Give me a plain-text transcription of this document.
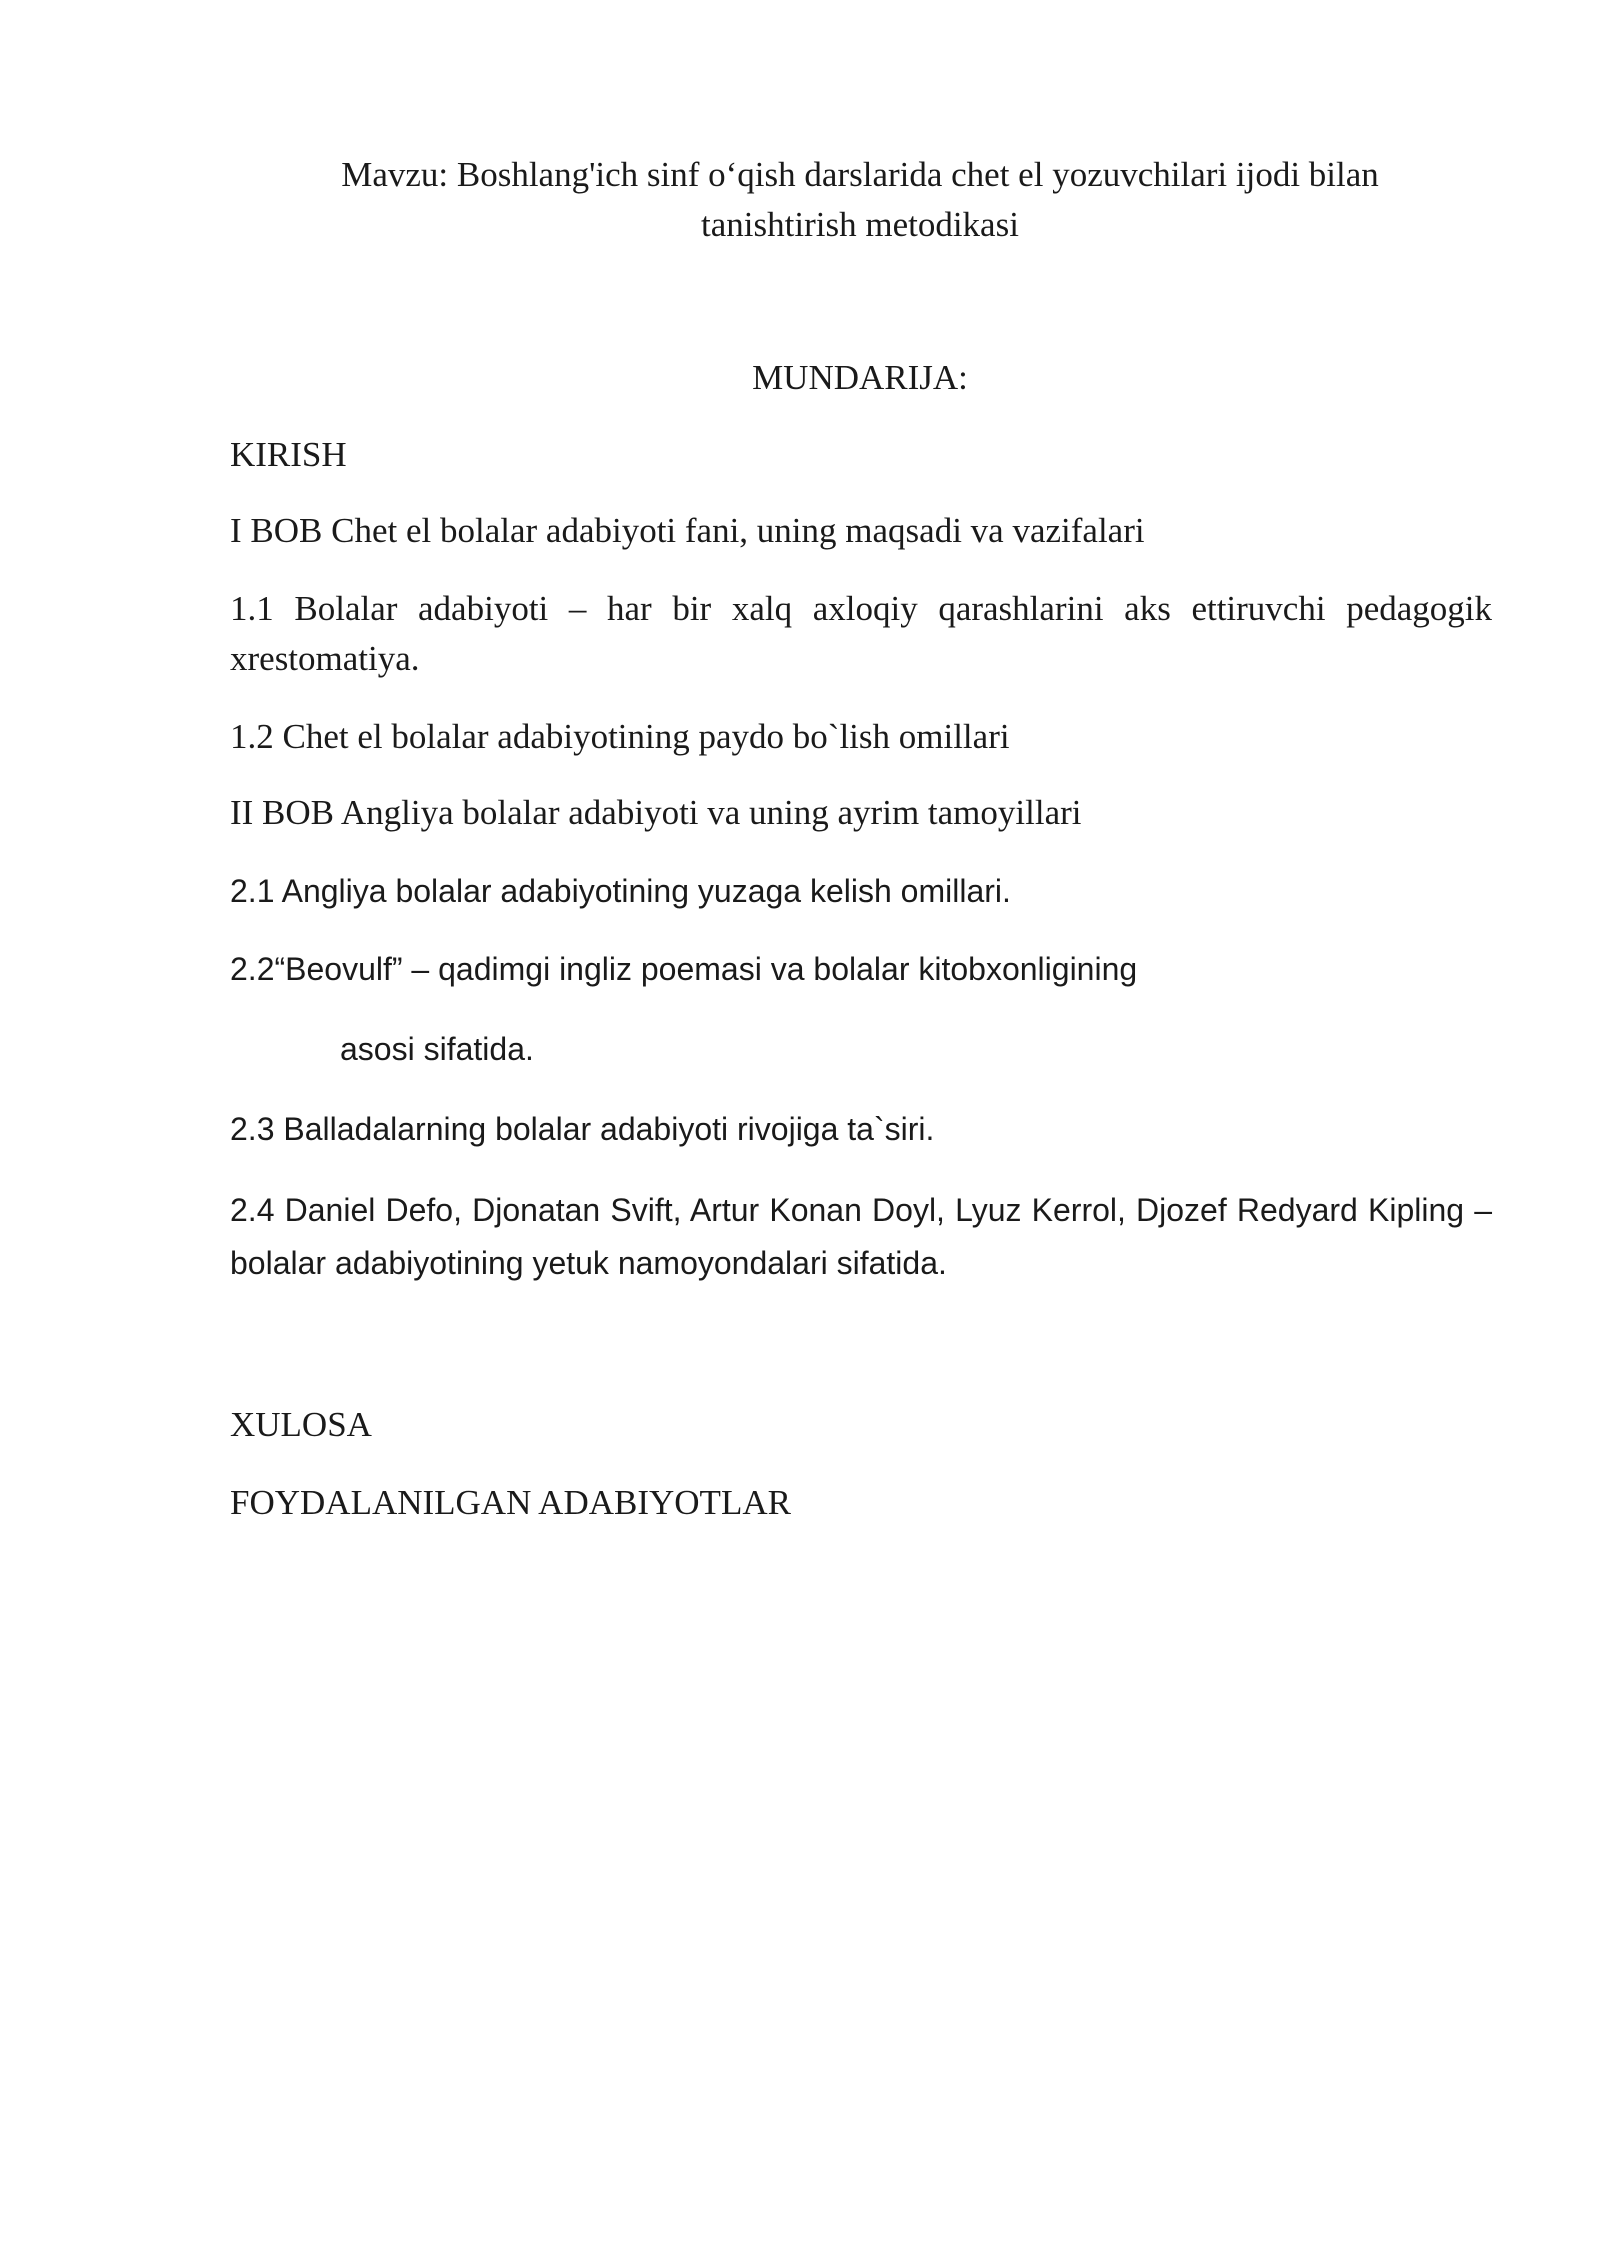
Mavzu: Boshlang'ich sinf o‘qish darslarida chet el yozuvchilari ijodi bilan
tanishtirish metodikasi
MUNDARIJA:
KIRISH
I BOB Chet el bolalar adabiyoti fani, uning maqsadi va vazifalari
1.1 Bolalar adabiyoti – har bir xalq axloqiy qarashlarini aks ettiruvchi pedagogik xrestomatiya.
1.2 Chet el bolalar adabiyotining paydo bo`lish omillari
II BOB Angliya bolalar adabiyoti va uning ayrim tamoyillari
2.1 Angliya bolalar adabiyotining yuzaga kelish omillari.
2.2“Beovulf” – qadimgi ingliz poemasi va bolalar kitobxonligining
asosi sifatida.
2.3 Balladalarning bolalar adabiyoti rivojiga ta`siri.
2.4 Daniel Defo, Djonatan Svift, Artur Konan Doyl, Lyuz Kerrol, Djozef Redyard Kipling – bolalar adabiyotining yetuk namoyondalari sifatida.
XULOSA
FOYDALANILGAN ADABIYOTLAR
